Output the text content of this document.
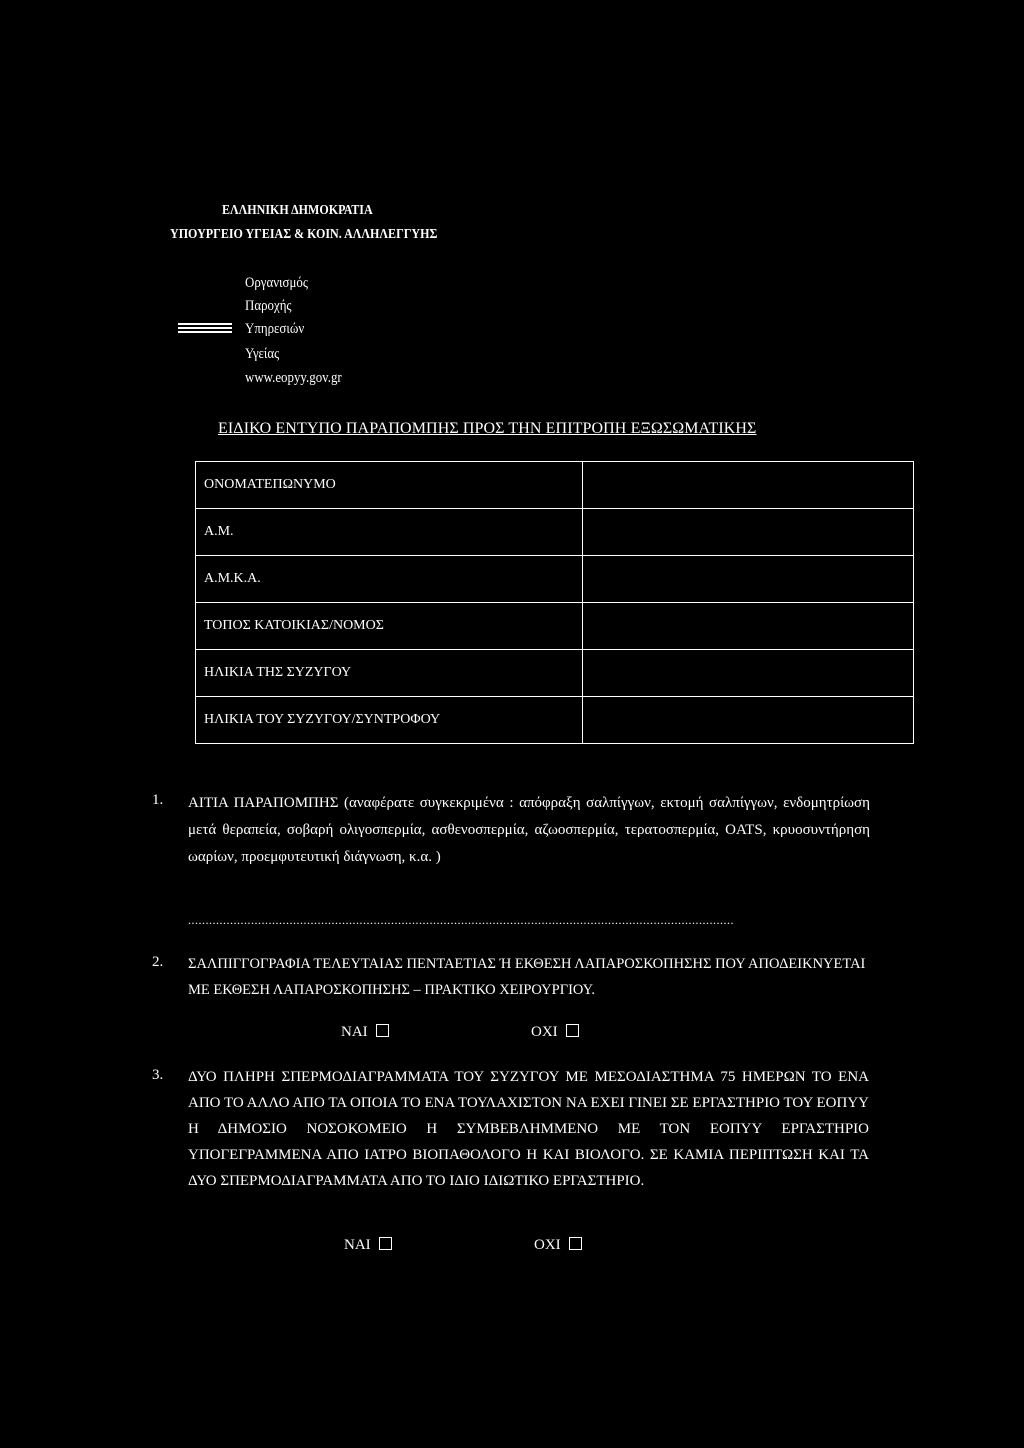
ΕΛΛΗΝΙΚΗ ΔΗΜΟΚΡΑΤΙΑ
ΥΠΟΥΡΓΕΙΟ ΥΓΕΙΑΣ & ΚΟΙΝ. ΑΛΛΗΛΕΓΓΥΗΣ
Οργανισμός
Παροχής
Υπηρεσιών
Υγείας
www.eopyy.gov.gr
ΕΙΔΙΚΟ ΕΝΤΥΠΟ ΠΑΡΑΠΟΜΠΗΣ ΠΡΟΣ ΤΗΝ ΕΠΙΤΡΟΠΗ ΕΞΩΣΩΜΑΤΙΚΗΣ
ΟΝΟΜΑΤΕΠΩΝΥΜΟ	
Α.Μ.	
Α.Μ.Κ.Α.	
ΤΟΠΟΣ ΚΑΤΟΙΚΙΑΣ/ΝΟΜΟΣ	
ΗΛΙΚΙΑ ΤΗΣ ΣΥΖΥΓΟΥ	
ΗΛΙΚΙΑ ΤΟΥ ΣΥΖΥΓΟΥ/ΣΥΝΤΡΟΦΟΥ	
1. ΑΙΤΙΑ ΠΑΡΑΠΟΜΠΗΣ (αναφέρατε συγκεκριμένα : απόφραξη σαλπίγγων, εκτομή σαλπίγγων, ενδομητρίωση μετά θεραπεία, σοβαρή ολιγοσπερμία, ασθενοσπερμία, αζωοσπερμία, τερατοσπερμία, OATS, κρυοσυντήρηση ωαρίων, προεμφυτευτική διάγνωση, κ.α. )
............................................................................................................................................................
2. ΣΑΛΠΙΓΓΟΓΡΑΦΙΑ ΤΕΛΕΥΤΑΙΑΣ ΠΕΝΤΑΕΤΙΑΣ Ή ΕΚΘΕΣΗ ΛΑΠΑΡΟΣΚΟΠΗΣΗΣ ΠΟΥ ΑΠΟΔΕΙΚΝΥΕΤΑΙ ΜΕ ΕΚΘΕΣΗ ΛΑΠΑΡΟΣΚΟΠΗΣΗΣ – ΠΡΑΚΤΙΚΟ ΧΕΙΡΟΥΡΓΙΟΥ.
ΝΑΙ	ΟΧΙ
3. ΔΥΟ ΠΛΗΡΗ ΣΠΕΡΜΟΔΙΑΓΡΑΜΜΑΤΑ ΤΟΥ ΣΥΖΥΓΟΥ ΜΕ ΜΕΣΟΔΙΑΣΤΗΜΑ 75 ΗΜΕΡΩΝ ΤΟ ΕΝΑ ΑΠΟ ΤΟ ΑΛΛΟ ΑΠΟ ΤΑ ΟΠΟΙΑ ΤΟ ΕΝΑ ΤΟΥΛΑΧΙΣΤΟΝ ΝΑ ΕΧΕΙ ΓΙΝΕΙ ΣΕ ΕΡΓΑΣΤΗΡΙΟ ΤΟΥ ΕΟΠΥΥ Η ΔΗΜΟΣΙΟ ΝΟΣΟΚΟΜΕΙΟ Η ΣΥΜΒΕΒΛΗΜΜΕΝΟ ΜΕ ΤΟΝ ΕΟΠΥΥ ΕΡΓΑΣΤΗΡΙΟ ΥΠΟΓΕΓΡΑΜΜΕΝΑ ΑΠΟ ΙΑΤΡΟ ΒΙΟΠΑΘΟΛΟΓΟ Η ΚΑΙ ΒΙΟΛΟΓΟ. ΣΕ ΚΑΜΙΑ ΠΕΡΙΠΤΩΣΗ ΚΑΙ ΤΑ ΔΥΟ ΣΠΕΡΜΟΔΙΑΓΡΑΜΜΑΤΑ ΑΠΟ ΤΟ ΙΔΙΟ ΙΔΙΩΤΙΚΟ ΕΡΓΑΣΤΗΡΙΟ.
ΝΑΙ	ΟΧΙ
